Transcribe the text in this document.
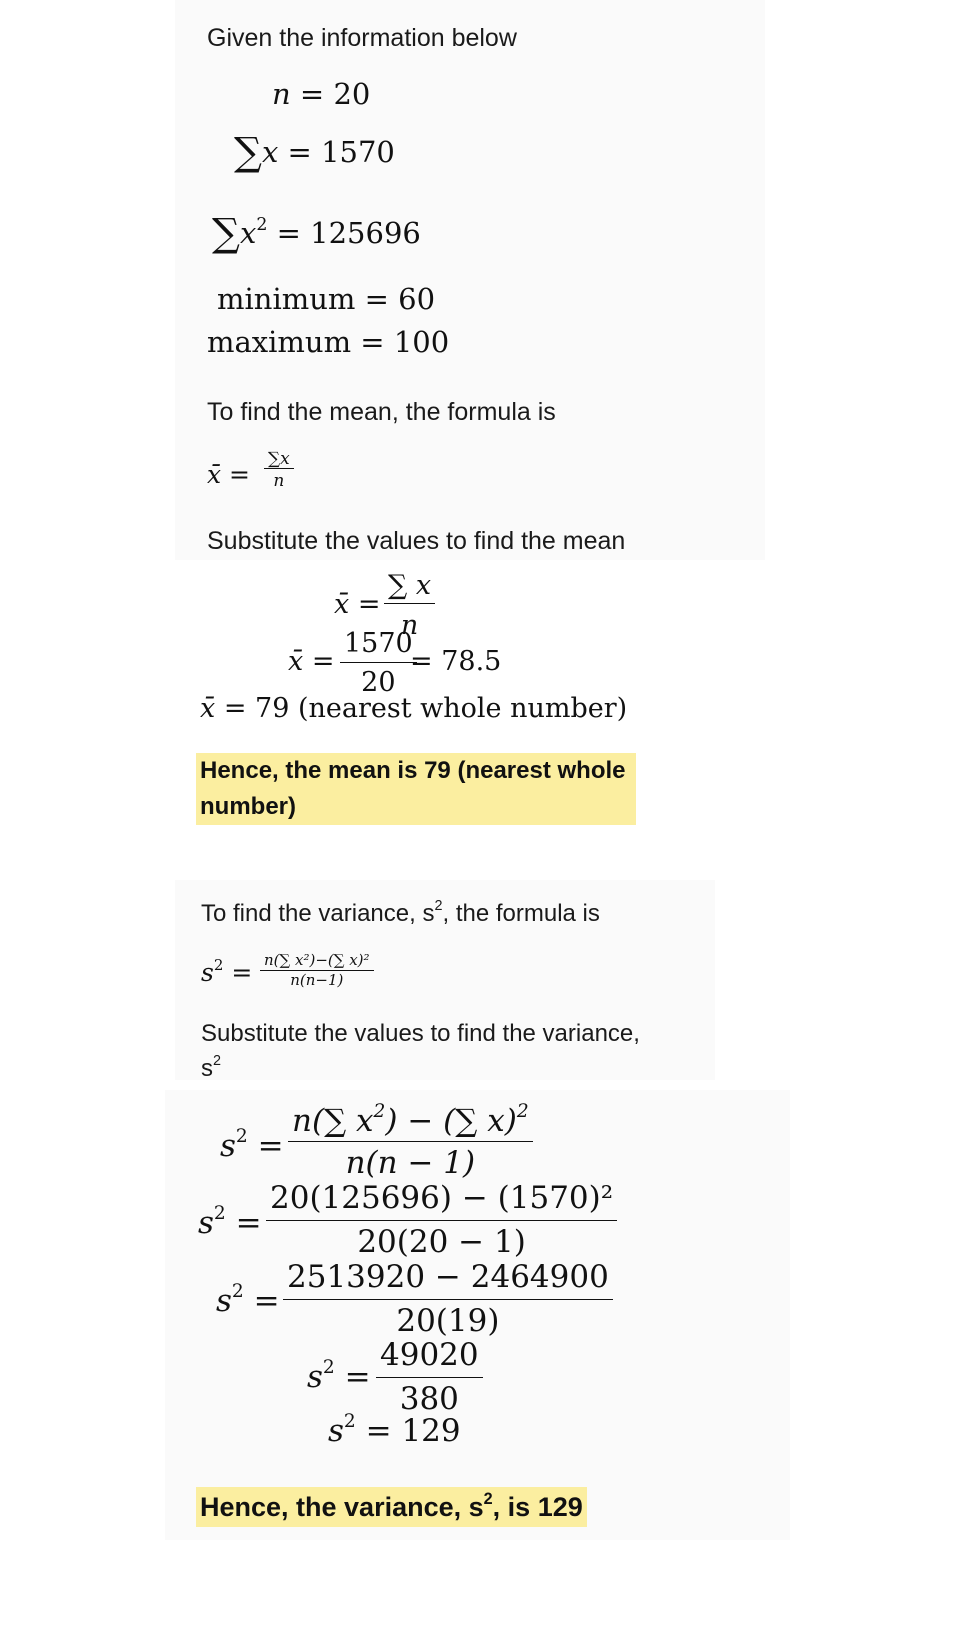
Given the information below
n = 20
∑x = 1570
$\sum x^2 = 125696$
minimum = 60
maximum = 100
To find the mean, the formula is
x̄ =
∑x
n
Substitute the values to find the mean
x̄ =
∑ x
n
x̄ =
1570
20
= 78.5
x̄ = 79 (nearest whole number)
Hence, the mean is 79 (nearest whole number)
To find the variance, $s^2$, the formula is
$s^2 = n(\sum$ x²)−(∑ x)²
n(n−1)
Substitute the values to find the variance,
$s^2$
$s^2$ =
n(∑ $x^2$) − (∑ x)$^2$
n(n − 1)
$s^2$ =
20(125696) − (1570)²
20(20 − 1)
$s^2$ =
2513920 − 2464900
20(19)
$s^2$ =
49020
380
$s^2 = 129$
Hence, the variance, $s^2$, is 129
